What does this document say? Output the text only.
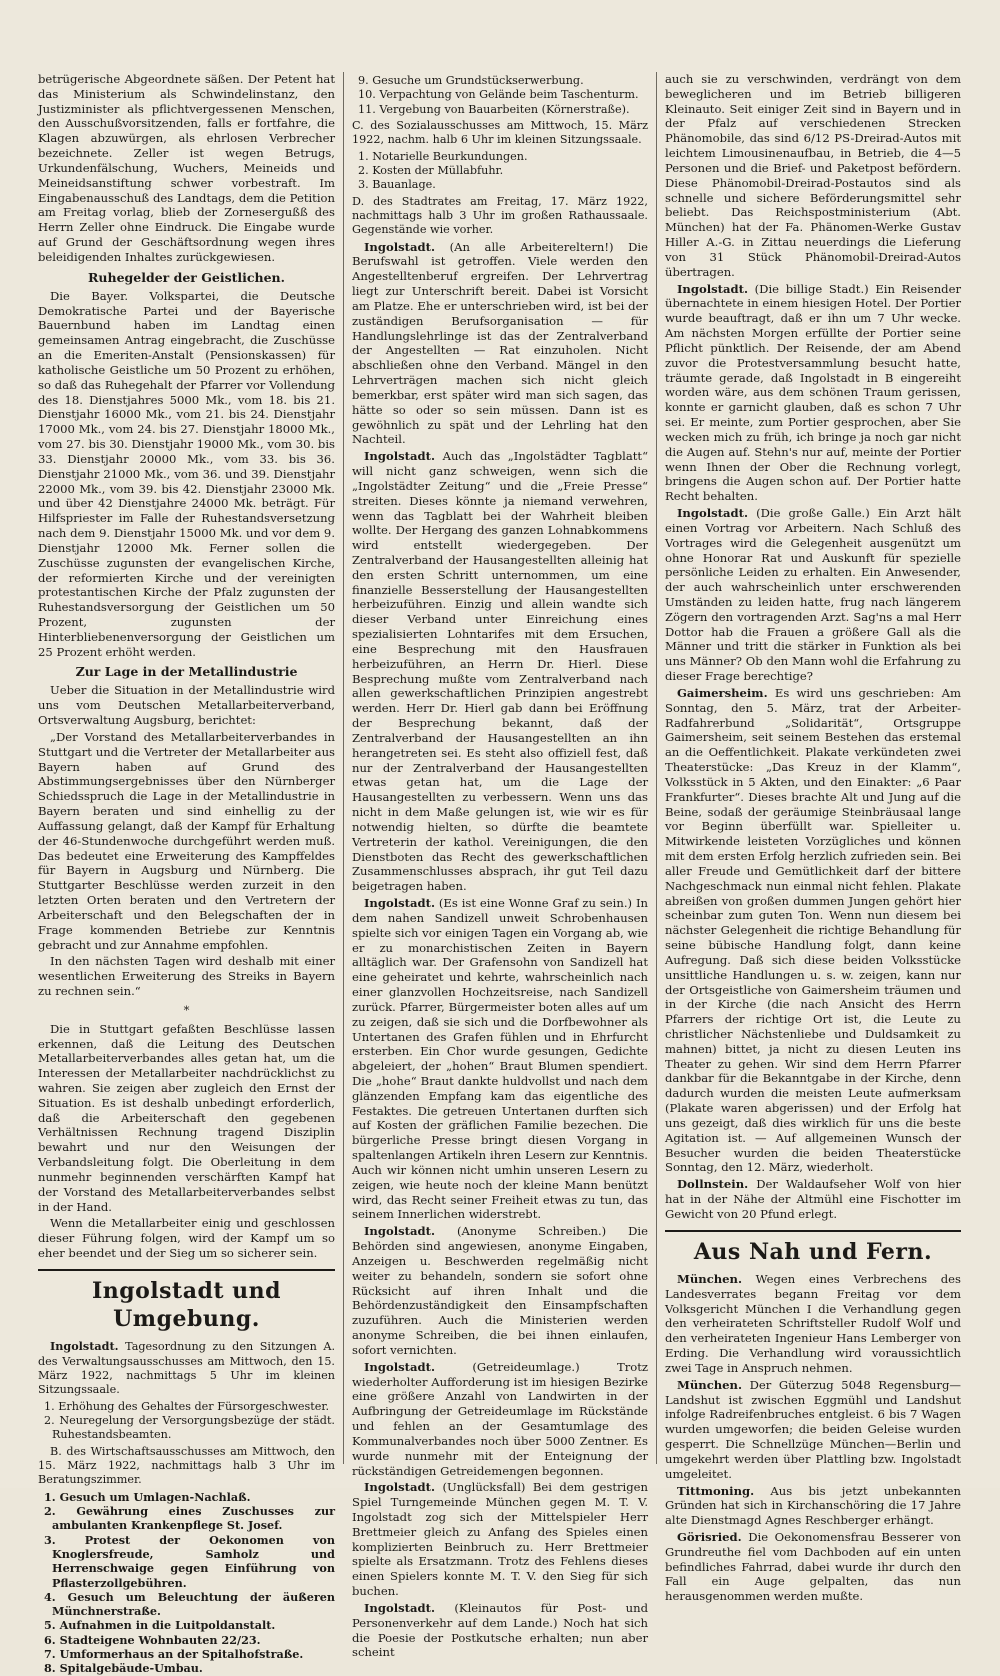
betrügerische Abgeordnete säßen. Der Petent hat das Ministerium als Schwindelinstanz, den Justizminister als pflichtvergessenen Menschen, den Ausschußvorsitzenden, falls er fortfahre, die Klagen abzuwürgen, als ehrlosen Verbrecher bezeichnete. Zeller ist wegen Betrugs, Urkundenfälschung, Wuchers, Meineids und Meineidsanstiftung schwer vorbestraft. Im Eingabenausschuß des Landtags, dem die Petition am Freitag vorlag, blieb der Zornesergußß des Herrn Zeller ohne Eindruck. Die Eingabe wurde auf Grund der Geschäftsordnung wegen ihres beleidigenden Inhaltes zurückgewiesen.

Ruhegelder der Geistlichen.

Die Bayer. Volkspartei, die Deutsche Demokratische Partei und der Bayerische Bauernbund haben im Landtag einen gemeinsamen Antrag eingebracht, die Zuschüsse an die Emeriten-Anstalt (Pensionskassen) für katholische Geistliche um 50 Prozent zu erhöhen, so daß das Ruhegehalt der Pfarrer vor Vollendung des 18. Dienstjahres 5000 Mk., vom 18. bis 21. Dienstjahr 16000 Mk., vom 21. bis 24. Dienstjahr 17000 Mk., vom 24. bis 27. Dienstjahr 18000 Mk., vom 27. bis 30. Dienstjahr 19000 Mk., vom 30. bis 33. Dienstjahr 20000 Mk., vom 33. bis 36. Dienstjahr 21000 Mk., vom 36. und 39. Dienstjahr 22000 Mk., vom 39. bis 42. Dienstjahr 23000 Mk. und über 42 Dienstjahre 24000 Mk. beträgt. Für Hilfspriester im Falle der Ruhestandsversetzung nach dem 9. Dienstjahr 15000 Mk. und vor dem 9. Dienstjahr 12000 Mk. Ferner sollen die Zuschüsse zugunsten der evangelischen Kirche, der reformierten Kirche und der vereinigten protestantischen Kirche der Pfalz zugunsten der Ruhestandsversorgung der Geistlichen um 50 Prozent, zugunsten der Hinterbliebenenversorgung der Geistlichen um 25 Prozent erhöht werden.

Zur Lage in der Metallindustrie

Ueber die Situation in der Metallindustrie wird uns vom Deutschen Metallarbeiterverband, Ortsverwaltung Augsburg, berichtet:

„Der Vorstand des Metallarbeiterverbandes in Stuttgart und die Vertreter der Metallarbeiter aus Bayern haben auf Grund des Abstimmungsergebnisses über den Nürnberger Schiedsspruch die Lage in der Metallindustrie in Bayern beraten und sind einhellig zu der Auffassung gelangt, daß der Kampf für Erhaltung der 46-Stundenwoche durchgeführt werden muß. Das bedeutet eine Erweiterung des Kampffeldes für Bayern in Augsburg und Nürnberg. Die Stuttgarter Beschlüsse werden zurzeit in den letzten Orten beraten und den Vertretern der Arbeiterschaft und den Belegschaften der in Frage kommenden Betriebe zur Kenntnis gebracht und zur Annahme empfohlen.

In den nächsten Tagen wird deshalb mit einer wesentlichen Erweiterung des Streiks in Bayern zu rechnen sein.“

*

Die in Stuttgart gefaßten Beschlüsse lassen erkennen, daß die Leitung des Deutschen Metallarbeiterverbandes alles getan hat, um die Interessen der Metallarbeiter nachdrücklichst zu wahren. Sie zeigen aber zugleich den Ernst der Situation. Es ist deshalb unbedingt erforderlich, daß die Arbeiterschaft den gegebenen Verhältnissen Rechnung tragend Disziplin bewahrt und nur den Weisungen der Verbandsleitung folgt. Die Oberleitung in dem nunmehr beginnenden verschärften Kampf hat der Vorstand des Metallarbeiterverbandes selbst in der Hand.

Wenn die Metallarbeiter einig und geschlossen dieser Führung folgen, wird der Kampf um so eher beendet und der Sieg um so sicherer sein.

Ingolstadt und Umgebung.

Ingolstadt. Tagesordnung zu den Sitzungen A. des Verwaltungsausschusses am Mittwoch, den 15. März 1922, nachmittags 5 Uhr im kleinen Sitzungssaale.

1. Erhöhung des Gehaltes der Fürsorgeschwester.
2. Neuregelung der Versorgungsbezüge der städt. Ruhestandsbeamten.

B. des Wirtschaftsausschusses am Mittwoch, den 15. März 1922, nachmittags halb 3 Uhr im Beratungszimmer.

1. Gesuch um Umlagen-Nachlaß.
2. Gewährung eines Zuschusses zur ambulanten Krankenpflege St. Josef.
3. Protest der Oekonomen von Knoglersfreude, Samholz und Herrenschwaige gegen Einführung von Pflasterzollgebühren.
4. Gesuch um Beleuchtung der äußeren Münchnerstraße.
5. Aufnahmen in die Luitpoldanstalt.
6. Stadteigene Wohnbauten 22/23.
7. Umformerhaus an der Spitalhofstraße.
8. Spitalgebäude-Umbau.
9. Gesuche um Grundstückserwerbung.
10. Verpachtung von Gelände beim Taschenturm.
11. Vergebung von Bauarbeiten (Körnerstraße).

C. des Sozialausschusses am Mittwoch, 15. März 1922, nachm. halb 6 Uhr im kleinen Sitzungssaale.

1. Notarielle Beurkundungen.
2. Kosten der Müllabfuhr.
3. Bauanlage.

D. des Stadtrates am Freitag, 17. März 1922, nachmittags halb 3 Uhr im großen Rathaussaale. Gegenstände wie vorher.

Ingolstadt. (An alle Arbeitereltern!) Die Berufswahl ist getroffen. Viele werden den Angestelltenberuf ergreifen. Der Lehrvertrag liegt zur Unterschrift bereit. Dabei ist Vorsicht am Platze. Ehe er unterschrieben wird, ist bei der zuständigen Berufsorganisation — für Handlungslehrlinge ist das der Zentralverband der Angestellten — Rat einzuholen. Nicht abschließen ohne den Verband. Mängel in den Lehrverträgen machen sich nicht gleich bemerkbar, erst später wird man sich sagen, das hätte so oder so sein müssen. Dann ist es gewöhnlich zu spät und der Lehrling hat den Nachteil.

Ingolstadt. Auch das „Ingolstädter Tagblatt“ will nicht ganz schweigen, wenn sich die „Ingolstädter Zeitung“ und die „Freie Presse“ streiten. Dieses könnte ja niemand verwehren, wenn das Tagblatt bei der Wahrheit bleiben wollte. Der Hergang des ganzen Lohnabkommens wird entstellt wiedergegeben. Der Zentralverband der Hausangestellten alleinig hat den ersten Schritt unternommen, um eine finanzielle Besserstellung der Hausangestellten herbeizuführen. Einzig und allein wandte sich dieser Verband unter Einreichung eines spezialisierten Lohntarifes mit dem Ersuchen, eine Besprechung mit den Hausfrauen herbeizuführen, an Herrn Dr. Hierl. Diese Besprechung mußte vom Zentralverband nach allen gewerkschaftlichen Prinzipien angestrebt werden. Herr Dr. Hierl gab dann bei Eröffnung der Besprechung bekannt, daß der Zentralverband der Hausangestellten an ihn herangetreten sei. Es steht also offiziell fest, daß nur der Zentralverband der Hausangestellten etwas getan hat, um die Lage der Hausangestellten zu verbessern. Wenn uns das nicht in dem Maße gelungen ist, wie wir es für notwendig hielten, so dürfte die beamtete Vertreterin der kathol. Vereinigungen, die den Dienstboten das Recht des gewerkschaftlichen Zusammenschlusses absprach, ihr gut Teil dazu beigetragen haben.

Ingolstadt. (Es ist eine Wonne Graf zu sein.) In dem nahen Sandizell unweit Schrobenhausen spielte sich vor einigen Tagen ein Vorgang ab, wie er zu monarchistischen Zeiten in Bayern alltäglich war. Der Grafensohn von Sandizell hat eine geheiratet und kehrte, wahrscheinlich nach einer glanzvollen Hochzeitsreise, nach Sandizell zurück. Pfarrer, Bürgermeister boten alles auf um zu zeigen, daß sie sich und die Dorfbewohner als Untertanen des Grafen fühlen und in Ehrfurcht ersterben. Ein Chor wurde gesungen, Gedichte abgeleiert, der „hohen“ Braut Blumen spendiert. Die „hohe“ Braut dankte huldvollst und nach dem glänzenden Empfang kam das eigentliche des Festaktes. Die getreuen Untertanen durften sich auf Kosten der gräflichen Familie bezechen. Die bürgerliche Presse bringt diesen Vorgang in spaltenlangen Artikeln ihren Lesern zur Kenntnis. Auch wir können nicht umhin unseren Lesern zu zeigen, wie heute noch der kleine Mann benützt wird, das Recht seiner Freiheit etwas zu tun, das seinem Innerlichen widerstrebt.

Ingolstadt. (Anonyme Schreiben.) Die Behörden sind angewiesen, anonyme Eingaben, Anzeigen u. Beschwerden regelmäßig nicht weiter zu behandeln, sondern sie sofort ohne Rücksicht auf ihren Inhalt und die Behördenzuständigkeit den Einsampfschaften zuzuführen. Auch die Ministerien werden anonyme Schreiben, die bei ihnen einlaufen, sofort vernichten.

Ingolstadt.	(Getreideumlage.) Trotz wiederholter Aufforderung ist im hiesigen Bezirke eine größere Anzahl von Landwirten in der Aufbringung der Getreideumlage im Rückstände und fehlen an der Gesamtumlage des Kommunalverbandes noch über 5000 Zentner. Es wurde nunmehr mit der Enteignung der rückständigen Getreidemengen begonnen.

Ingolstadt. (Unglücksfall) Bei dem gestrigen Spiel Turngemeinde München gegen M. T. V. Ingolstadt zog sich der Mittelspieler Herr Brettmeier gleich zu Anfang des Spieles einen komplizierten Beinbruch zu. Herr Brettmeier spielte als Ersatzmann. Trotz des Fehlens dieses einen Spielers konnte M. T. V. den Sieg für sich buchen.

Ingolstadt. (Kleinautos für Post- und Personenverkehr auf dem Lande.) Noch hat sich die Poesie der Postkutsche erhalten; nun aber scheint

auch sie zu verschwinden, verdrängt von dem beweglicheren und im Betrieb billigeren Kleinauto. Seit einiger Zeit sind in Bayern und in der Pfalz auf verschiedenen Strecken Phänomobile, das sind 6/12 PS-Dreirad-Autos mit leichtem Limousinenaufbau, in Betrieb, die 4—5 Personen und die Brief- und Paketpost befördern. Diese Phänomobil-Dreirad-Postautos sind als schnelle und sichere Beförderungsmittel sehr beliebt. Das Reichspostministerium (Abt. München) hat der Fa. Phänomen-Werke Gustav Hiller A.-G. in Zittau neuerdings die Lieferung von 31 Stück Phänomobil-Dreirad-Autos übertragen.

Ingolstadt. (Die billige Stadt.) Ein Reisender übernachtete in einem hiesigen Hotel. Der Portier wurde beauftragt, daß er ihn um 7 Uhr wecke. Am nächsten Morgen erfüllte der Portier seine Pflicht pünktlich. Der Reisende, der am Abend zuvor die Protestversammlung besucht hatte, träumte gerade, daß Ingolstadt in B eingereiht worden wäre, aus dem schönen Traum gerissen, konnte er garnicht glauben, daß es schon 7 Uhr sei. Er meinte, zum Portier gesprochen, aber Sie wecken mich zu früh, ich bringe ja noch gar nicht die Augen auf. Stehn's nur auf, meinte der Portier wenn Ihnen der Ober die Rechnung vorlegt, bringens die Augen schon auf. Der Portier hatte Recht behalten.

Ingolstadt. (Die große Galle.) Ein Arzt hält einen Vortrag vor Arbeitern. Nach Schluß des Vortrages wird die Gelegenheit ausgenützt um ohne Honorar Rat und Auskunft für spezielle persönliche Leiden zu erhalten. Ein Anwesender, der auch wahrscheinlich unter erschwerenden Umständen zu leiden hatte, frug nach längerem Zögern den vortragenden Arzt. Sag'ns a mal Herr Dottor hab die Frauen a größere Gall als die Männer und tritt die stärker in Funktion als bei uns Männer? Ob den Mann wohl die Erfahrung zu dieser Frage berechtige?

Gaimersheim. Es wird uns geschrieben: Am Sonntag, den 5. März, trat der Arbeiter-Radfahrerbund „Solidarität“, Ortsgruppe Gaimersheim, seit seinem Bestehen das erstemal an die Oeffentlichkeit. Plakate verkündeten zwei Theaterstücke: „Das Kreuz in der Klamm“, Volksstück in 5 Akten, und den Einakter: „6 Paar Frankfurter“. Dieses brachte Alt und Jung auf die Beine, sodaß der geräumige Steinbräusaal lange vor Beginn überfüllt war. Spielleiter u. Mitwirkende leisteten Vorzügliches und können mit dem ersten Erfolg herzlich zufrieden sein. Bei aller Freude und Gemütlichkeit darf der bittere Nachgeschmack nun einmal nicht fehlen. Plakate abreißen von großen dummen Jungen gehört hier scheinbar zum guten Ton. Wenn nun diesem bei nächster Gelegenheit die richtige Behandlung für seine bübische Handlung folgt, dann keine Aufregung. Daß sich diese beiden Volksstücke unsittliche Handlungen u. s. w. zeigen, kann nur der Ortsgeistliche von Gaimersheim träumen und in der Kirche (die nach Ansicht des Herrn Pfarrers der richtige Ort ist, die Leute zu christlicher Nächstenliebe und Duldsamkeit zu mahnen) bittet, ja nicht zu diesen Leuten ins Theater zu gehen. Wir sind dem Herrn Pfarrer dankbar für die Bekanntgabe in der Kirche, denn dadurch wurden die meisten Leute aufmerksam (Plakate waren abgerissen) und der Erfolg hat uns gezeigt, daß dies wirklich für uns die beste Agitation ist. — Auf allgemeinen Wunsch der Besucher wurden die beiden Theaterstücke Sonntag, den 12. März, wiederholt.

Dollnstein. Der Waldaufseher Wolf von hier hat in der Nähe der Altmühl eine Fischotter im Gewicht von 20 Pfund erlegt.

Aus Nah und Fern.

München. Wegen eines Verbrechens des Landesverrates begann Freitag vor dem Volksgericht München I die Verhandlung gegen den verheirateten Schriftsteller Rudolf Wolf und den verheirateten Ingenieur Hans Lemberger von Erding. Die Verhandlung wird voraussichtlich zwei Tage in Anspruch nehmen.

München. Der Güterzug 5048 Regensburg—Landshut ist zwischen Eggmühl und Landshut infolge Radreifenbruches entgleist. 6 bis 7 Wagen wurden umgeworfen; die beiden Geleise wurden gesperrt. Die Schnellzüge München—Berlin und umgekehrt werden über Plattling bzw. Ingolstadt umgeleitet.

Tittmoning. Aus bis jetzt unbekannten Gründen hat sich in Kirchanschöring die 17 Jahre alte Dienstmagd Agnes Reschberger erhängt.

Görisried. Die Oekonomensfrau Besserer von Grundreuthe fiel vom Dachboden auf ein unten befindliches Fahrrad, dabei wurde ihr durch den Fall ein Auge gelpalten, das nun herausgenommen werden mußte.
